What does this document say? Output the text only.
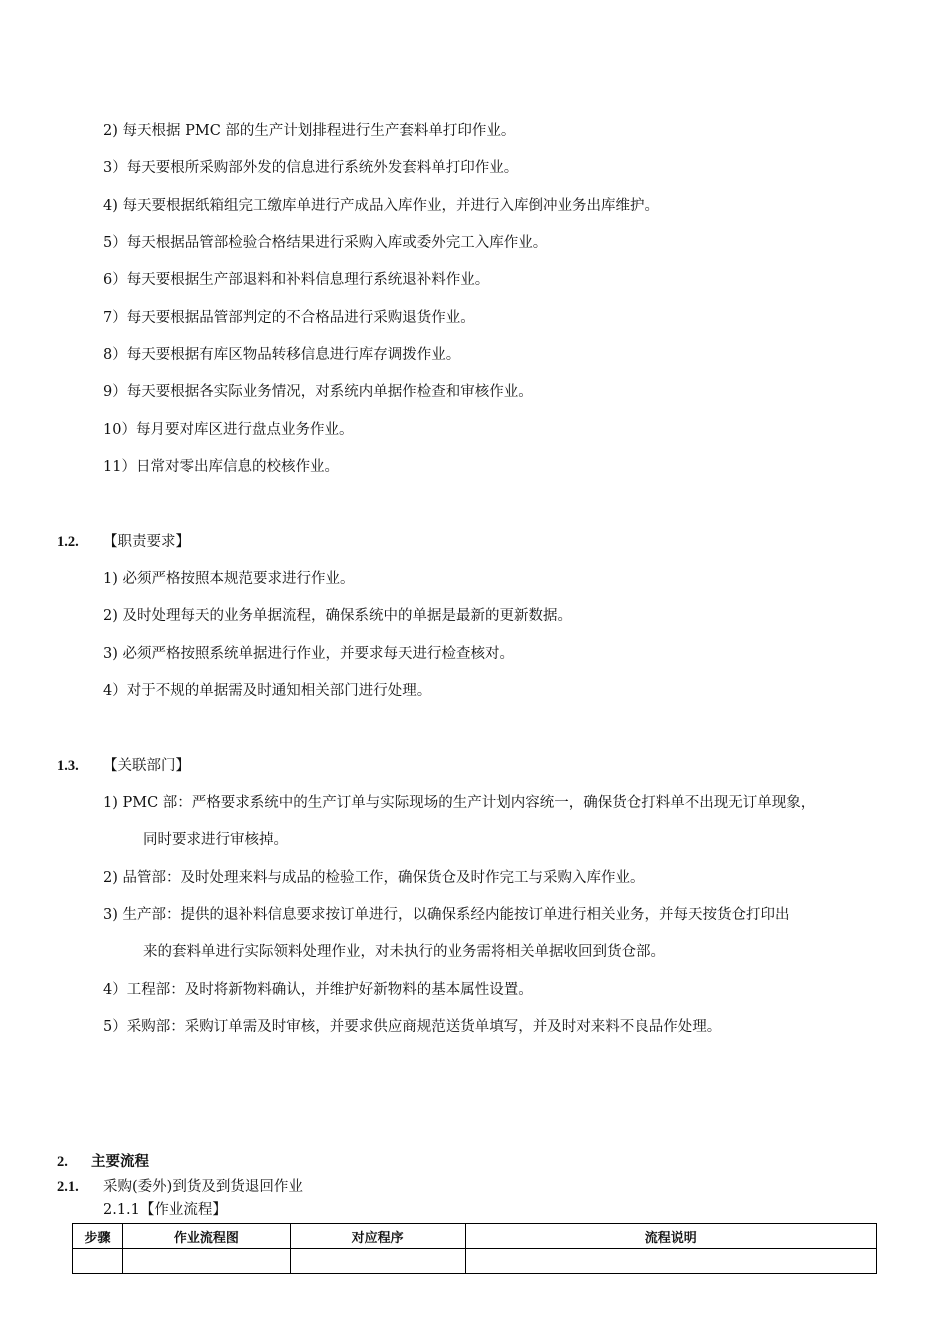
2) 每天根据 PMC 部的生产计划排程进行生产套料单打印作业。
3）每天要根所采购部外发的信息进行系统外发套料单打印作业。
4) 每天要根据纸箱组完工缴库单进行产成品入库作业，并进行入库倒冲业务出库维护。
5）每天根据品管部检验合格结果进行采购入库或委外完工入库作业。
6）每天要根据生产部退料和补料信息理行系统退补料作业。
7）每天要根据品管部判定的不合格品进行采购退货作业。
8）每天要根据有库区物品转移信息进行库存调拨作业。
9）每天要根据各实际业务情况，对系统内单据作检查和审核作业。
10）每月要对库区进行盘点业务作业。
11）日常对零出库信息的校核作业。
1.2. 【职责要求】
1) 必须严格按照本规范要求进行作业。
2) 及时处理每天的业务单据流程，确保系统中的单据是最新的更新数据。
3) 必须严格按照系统单据进行作业，并要求每天进行检查核对。
4）对于不规的单据需及时通知相关部门进行处理。
1.3. 【关联部门】
1) PMC 部：严格要求系统中的生产订单与实际现场的生产计划内容统一，确保货仓打料单不出现无订单现象，
同时要求进行审核掉。
2) 品管部：及时处理来料与成品的检验工作，确保货仓及时作完工与采购入库作业。
3) 生产部：提供的退补料信息要求按订单进行，以确保系经内能按订单进行相关业务，并每天按货仓打印出
来的套料单进行实际领料处理作业，对未执行的业务需将相关单据收回到货仓部。
4）工程部：及时将新物料确认，并维护好新物料的基本属性设置。
5）采购部：采购订单需及时审核，并要求供应商规范送货单填写，并及时对来料不良品作处理。
2. 主要流程
2.1. 采购(委外)到货及到货退回作业
2.1.1【作业流程】
步骤	作业流程图	对应程序	流程说明
